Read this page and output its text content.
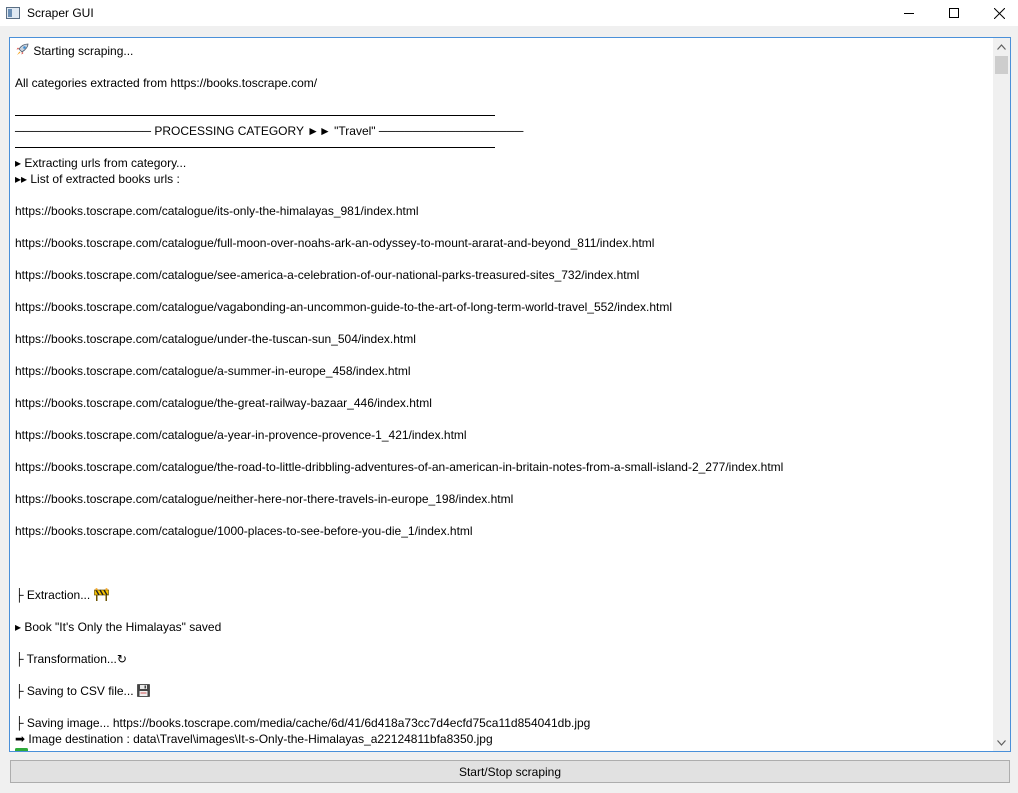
Scraper GUI
Starting scraping...
All categories extracted from https://books.toscrape.com/
──────────────── PROCESSING CATEGORY ►► "Travel" ─────────────────
▸ Extracting urls from category...
▸▸ List of extracted books urls :
https://books.toscrape.com/catalogue/its-only-the-himalayas_981/index.html
https://books.toscrape.com/catalogue/full-moon-over-noahs-ark-an-odyssey-to-mount-ararat-and-beyond_811/index.html
https://books.toscrape.com/catalogue/see-america-a-celebration-of-our-national-parks-treasured-sites_732/index.html
https://books.toscrape.com/catalogue/vagabonding-an-uncommon-guide-to-the-art-of-long-term-world-travel_552/index.html
https://books.toscrape.com/catalogue/under-the-tuscan-sun_504/index.html
https://books.toscrape.com/catalogue/a-summer-in-europe_458/index.html
https://books.toscrape.com/catalogue/the-great-railway-bazaar_446/index.html
https://books.toscrape.com/catalogue/a-year-in-provence-provence-1_421/index.html
https://books.toscrape.com/catalogue/the-road-to-little-dribbling-adventures-of-an-american-in-britain-notes-from-a-small-island-2_277/index.html
https://books.toscrape.com/catalogue/neither-here-nor-there-travels-in-europe_198/index.html
https://books.toscrape.com/catalogue/1000-places-to-see-before-you-die_1/index.html
├ Extraction...
▸ Book "It's Only the Himalayas" saved
├ Transformation...↻
├ Saving to CSV file...
├ Saving image... https://books.toscrape.com/media/cache/6d/41/6d418a73cc7d4ecfd75ca11d854041db.jpg
➡ Image destination : data\Travel\images\It-s-Only-the-Himalayas_a22124811bfa8350.jpg
Start/Stop scraping
